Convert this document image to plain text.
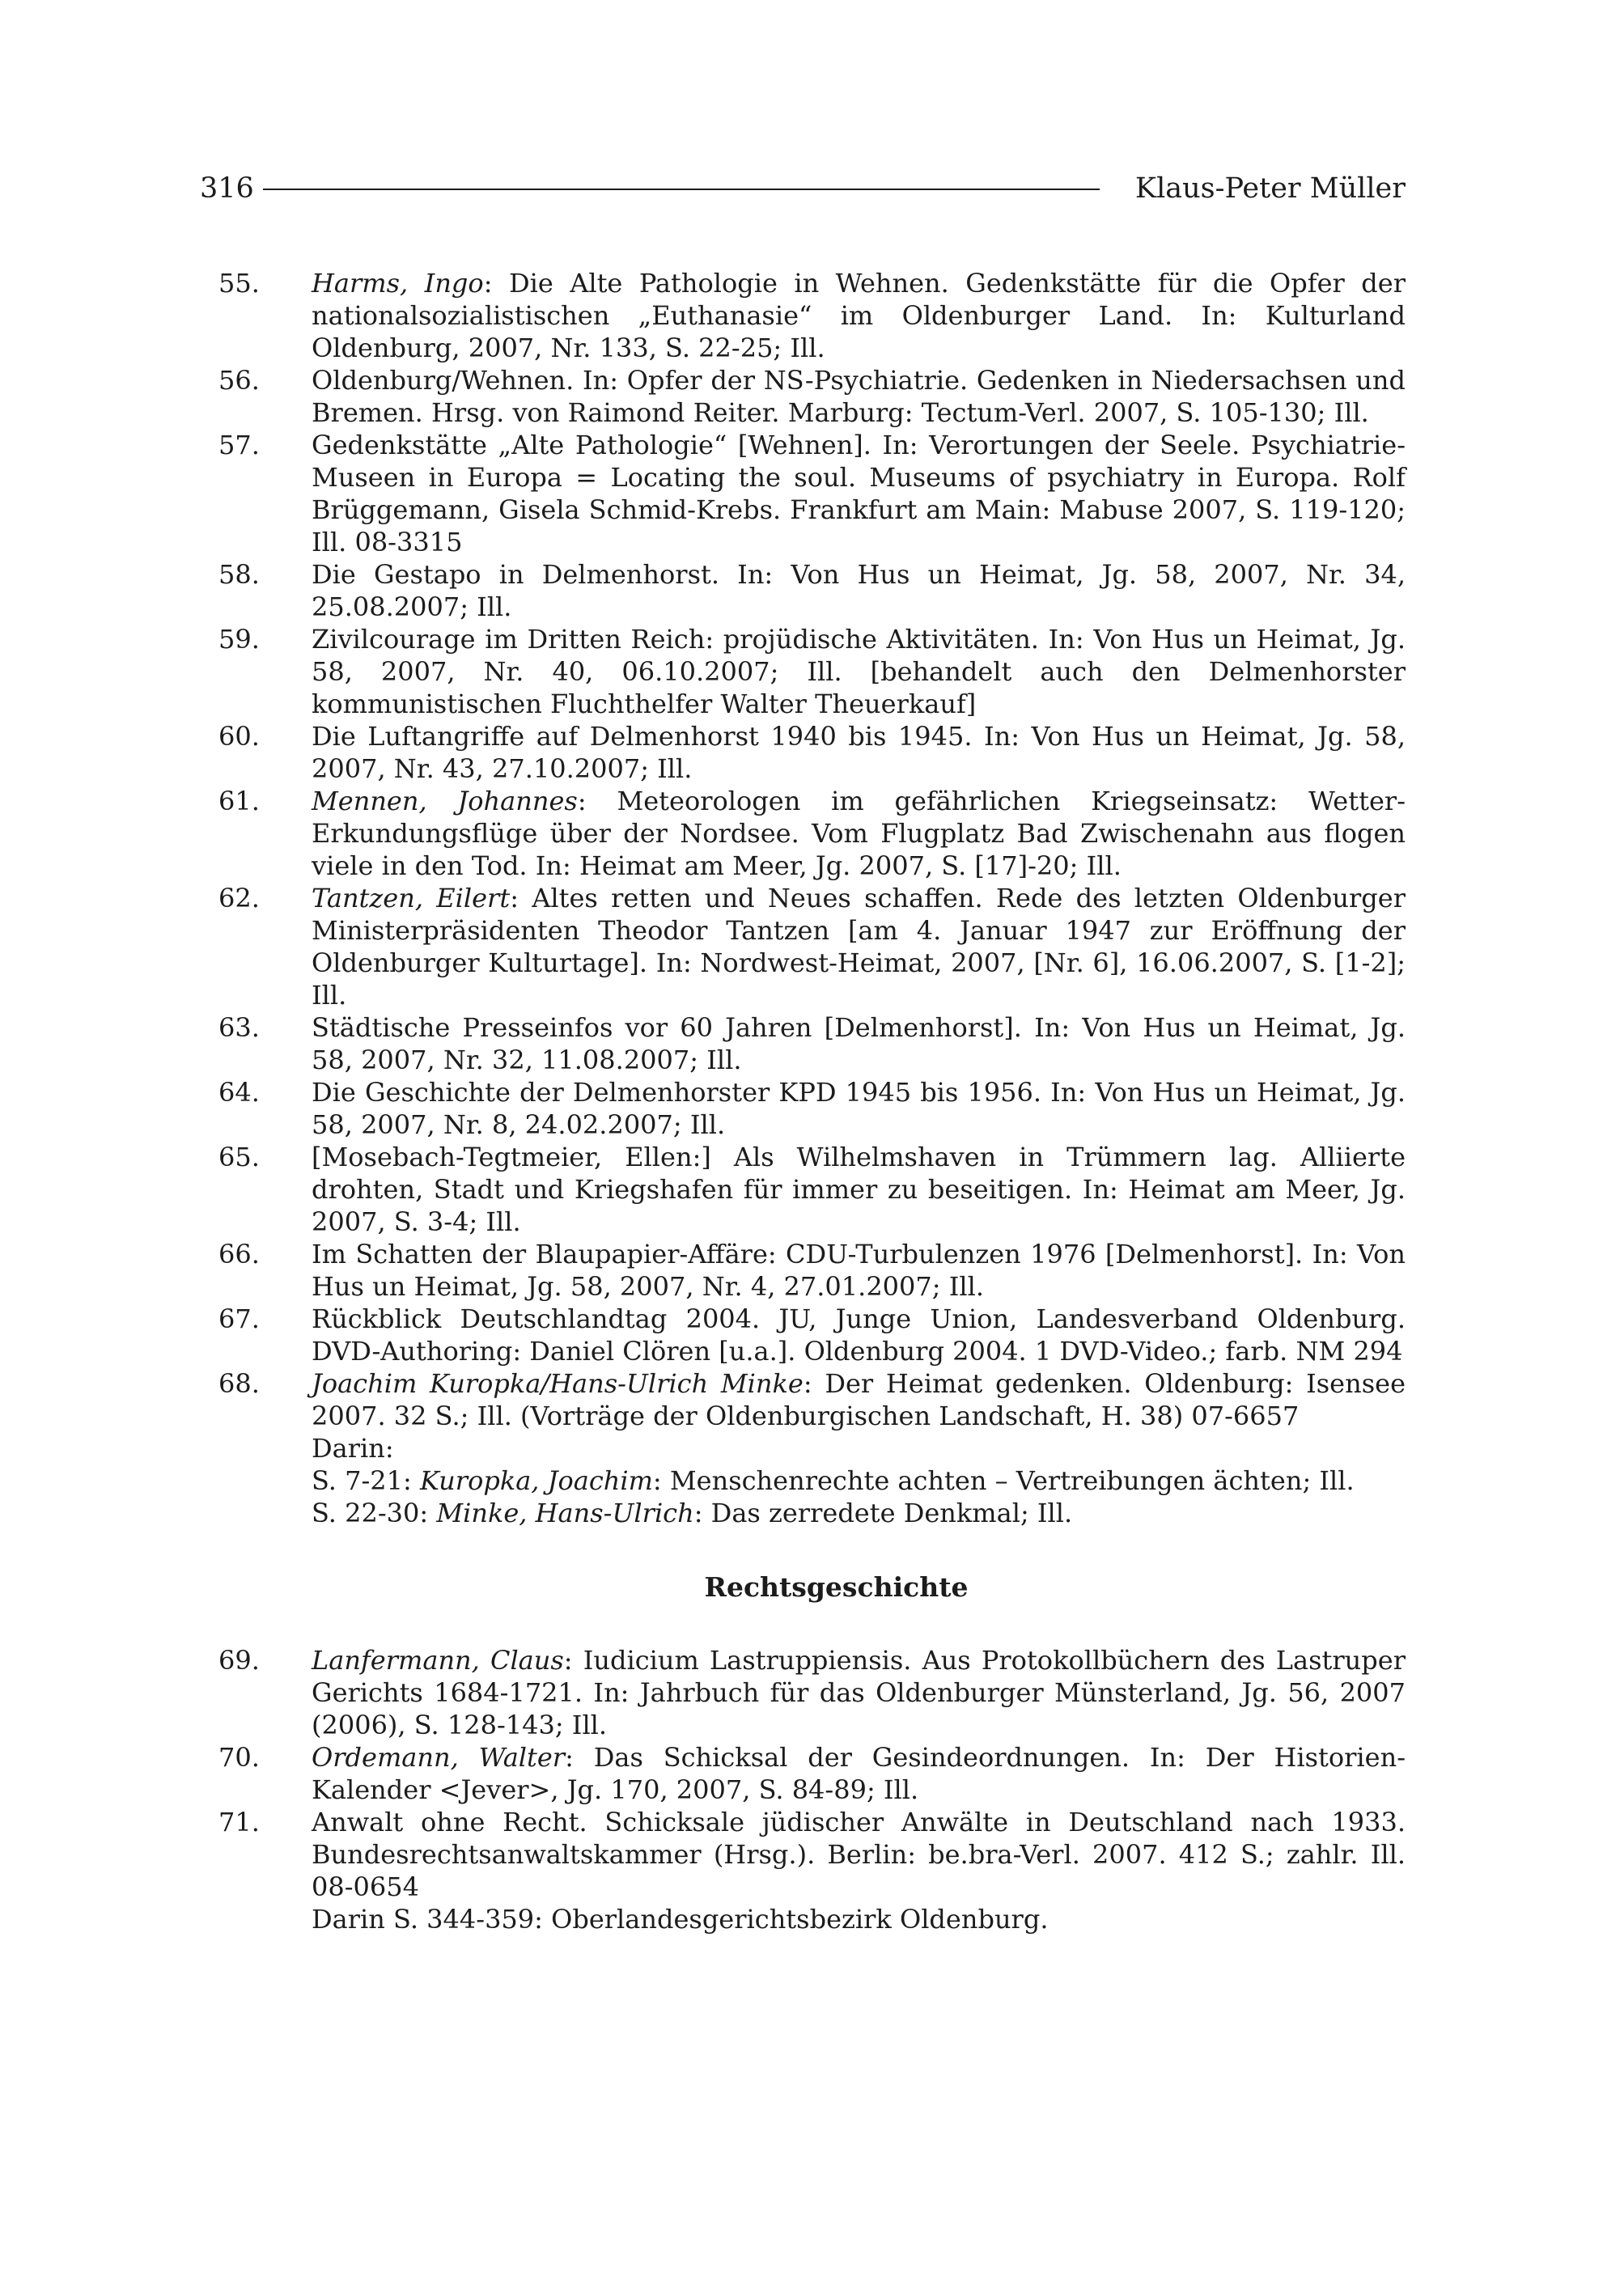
316	Klaus-Peter Müller
55.	Harms, Ingo: Die Alte Pathologie in Wehnen. Gedenkstätte für die Opfer der nationalsozialistischen „Euthanasie“ im Oldenburger Land. In: Kulturland Oldenburg, 2007, Nr. 133, S. 22-25; Ill.
56.	Oldenburg/Wehnen. In: Opfer der NS-Psychiatrie. Gedenken in Niedersachsen und Bremen. Hrsg. von Raimond Reiter. Marburg: Tectum-Verl. 2007, S. 105-130; Ill.
57.	Gedenkstätte „Alte Pathologie“ [Wehnen]. In: Verortungen der Seele. Psychiatrie-Museen in Europa = Locating the soul. Museums of psychiatry in Europa. Rolf Brüggemann, Gisela Schmid-Krebs. Frankfurt am Main: Mabuse 2007, S. 119-120; Ill. 08-3315
58.	Die Gestapo in Delmenhorst. In: Von Hus un Heimat, Jg. 58, 2007, Nr. 34, 25.08.2007; Ill.
59.	Zivilcourage im Dritten Reich: projüdische Aktivitäten. In: Von Hus un Heimat, Jg. 58, 2007, Nr. 40, 06.10.2007; Ill. [behandelt auch den Delmenhorster kommunistischen Fluchthelfer Walter Theuerkauf]
60.	Die Luftangriffe auf Delmenhorst 1940 bis 1945. In: Von Hus un Heimat, Jg. 58, 2007, Nr. 43, 27.10.2007; Ill.
61.	Mennen, Johannes: Meteorologen im gefährlichen Kriegseinsatz: Wetter-Erkundungsflüge über der Nordsee. Vom Flugplatz Bad Zwischenahn aus flogen viele in den Tod. In: Heimat am Meer, Jg. 2007, S. [17]-20; Ill.
62.	Tantzen, Eilert: Altes retten und Neues schaffen. Rede des letzten Oldenburger Ministerpräsidenten Theodor Tantzen [am 4. Januar 1947 zur Eröffnung der Oldenburger Kulturtage]. In: Nordwest-Heimat, 2007, [Nr. 6], 16.06.2007, S. [1-2]; Ill.
63.	Städtische Presseinfos vor 60 Jahren [Delmenhorst]. In: Von Hus un Heimat, Jg. 58, 2007, Nr. 32, 11.08.2007; Ill.
64.	Die Geschichte der Delmenhorster KPD 1945 bis 1956. In: Von Hus un Heimat, Jg. 58, 2007, Nr. 8, 24.02.2007; Ill.
65.	[Mosebach-Tegtmeier, Ellen:] Als Wilhelmshaven in Trümmern lag. Alliierte drohten, Stadt und Kriegshafen für immer zu beseitigen. In: Heimat am Meer, Jg. 2007, S. 3-4; Ill.
66.	Im Schatten der Blaupapier-Affäre: CDU-Turbulenzen 1976 [Delmenhorst]. In: Von Hus un Heimat, Jg. 58, 2007, Nr. 4, 27.01.2007; Ill.
67.	Rückblick Deutschlandtag 2004. JU, Junge Union, Landesverband Oldenburg. DVD-Authoring: Daniel Clören [u.a.]. Oldenburg 2004. 1 DVD-Video.; farb. NM 294
68.	Joachim Kuropka/Hans-Ulrich Minke: Der Heimat gedenken. Oldenburg: Isensee 2007. 32 S.; Ill. (Vorträge der Oldenburgischen Landschaft, H. 38) 07-6657
Darin:
S. 7-21: Kuropka, Joachim: Menschenrechte achten – Vertreibungen ächten; Ill.
S. 22-30: Minke, Hans-Ulrich: Das zerredete Denkmal; Ill.
Rechtsgeschichte
69.	Lanfermann, Claus: Iudicium Lastruppiensis. Aus Protokollbüchern des Lastruper Gerichts 1684-1721. In: Jahrbuch für das Oldenburger Münsterland, Jg. 56, 2007 (2006), S. 128-143; Ill.
70.	Ordemann, Walter: Das Schicksal der Gesindeordnungen. In: Der Historien-Kalender <Jever>, Jg. 170, 2007, S. 84-89; Ill.
71.	Anwalt ohne Recht. Schicksale jüdischer Anwälte in Deutschland nach 1933. Bundesrechtsanwaltskammer (Hrsg.). Berlin: be.bra-Verl. 2007. 412 S.; zahlr. Ill. 08-0654
Darin S. 344-359: Oberlandesgerichtsbezirk Oldenburg.
